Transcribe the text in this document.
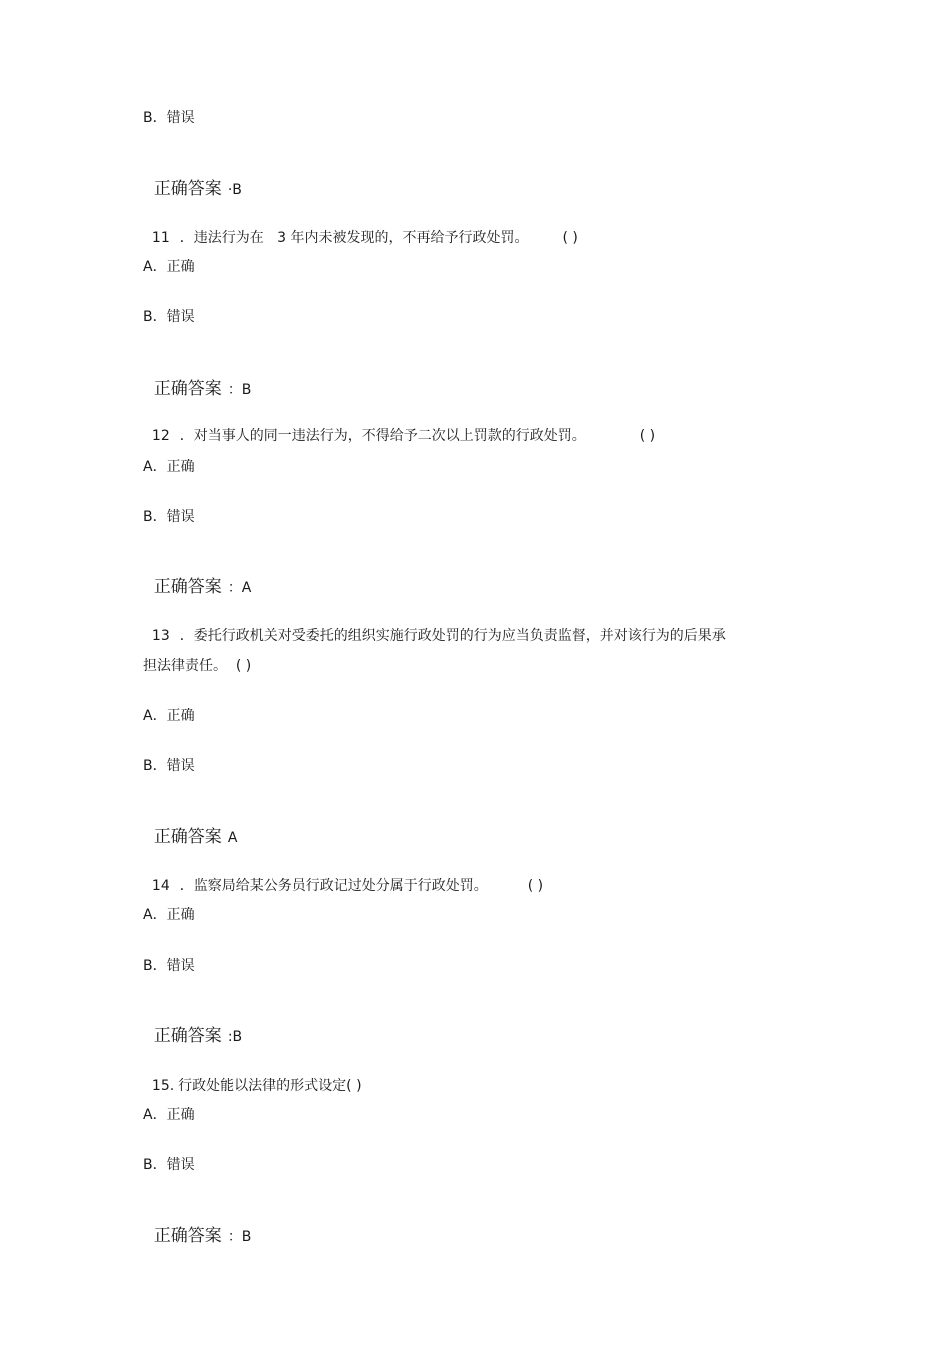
B．错误

正确答案 ·B

11 ．违法行为在   3 年内未被发现的，不再给予行政处罚。 ( )

A．正确
B．错误

正确答案 ：B

12 ．对当事人的同一违法行为，不得给予二次以上罚款的行政处罚。	( )

A．正确
B．错误

正确答案 ：A

13 ．委托行政机关对受委托的组织实施行政处罚的行为应当负责监督，并对该行为的后果承

担法律责任。  ( )
A．正确
B．错误

正确答案 A

14 ．监察局给某公务员行政记过处分属于行政处罚。	( )

A．正确
B．错误

正确答案 :B

15. 行政处能以法律的形式设定( )

A．正确
B．错误

正确答案 ：B
